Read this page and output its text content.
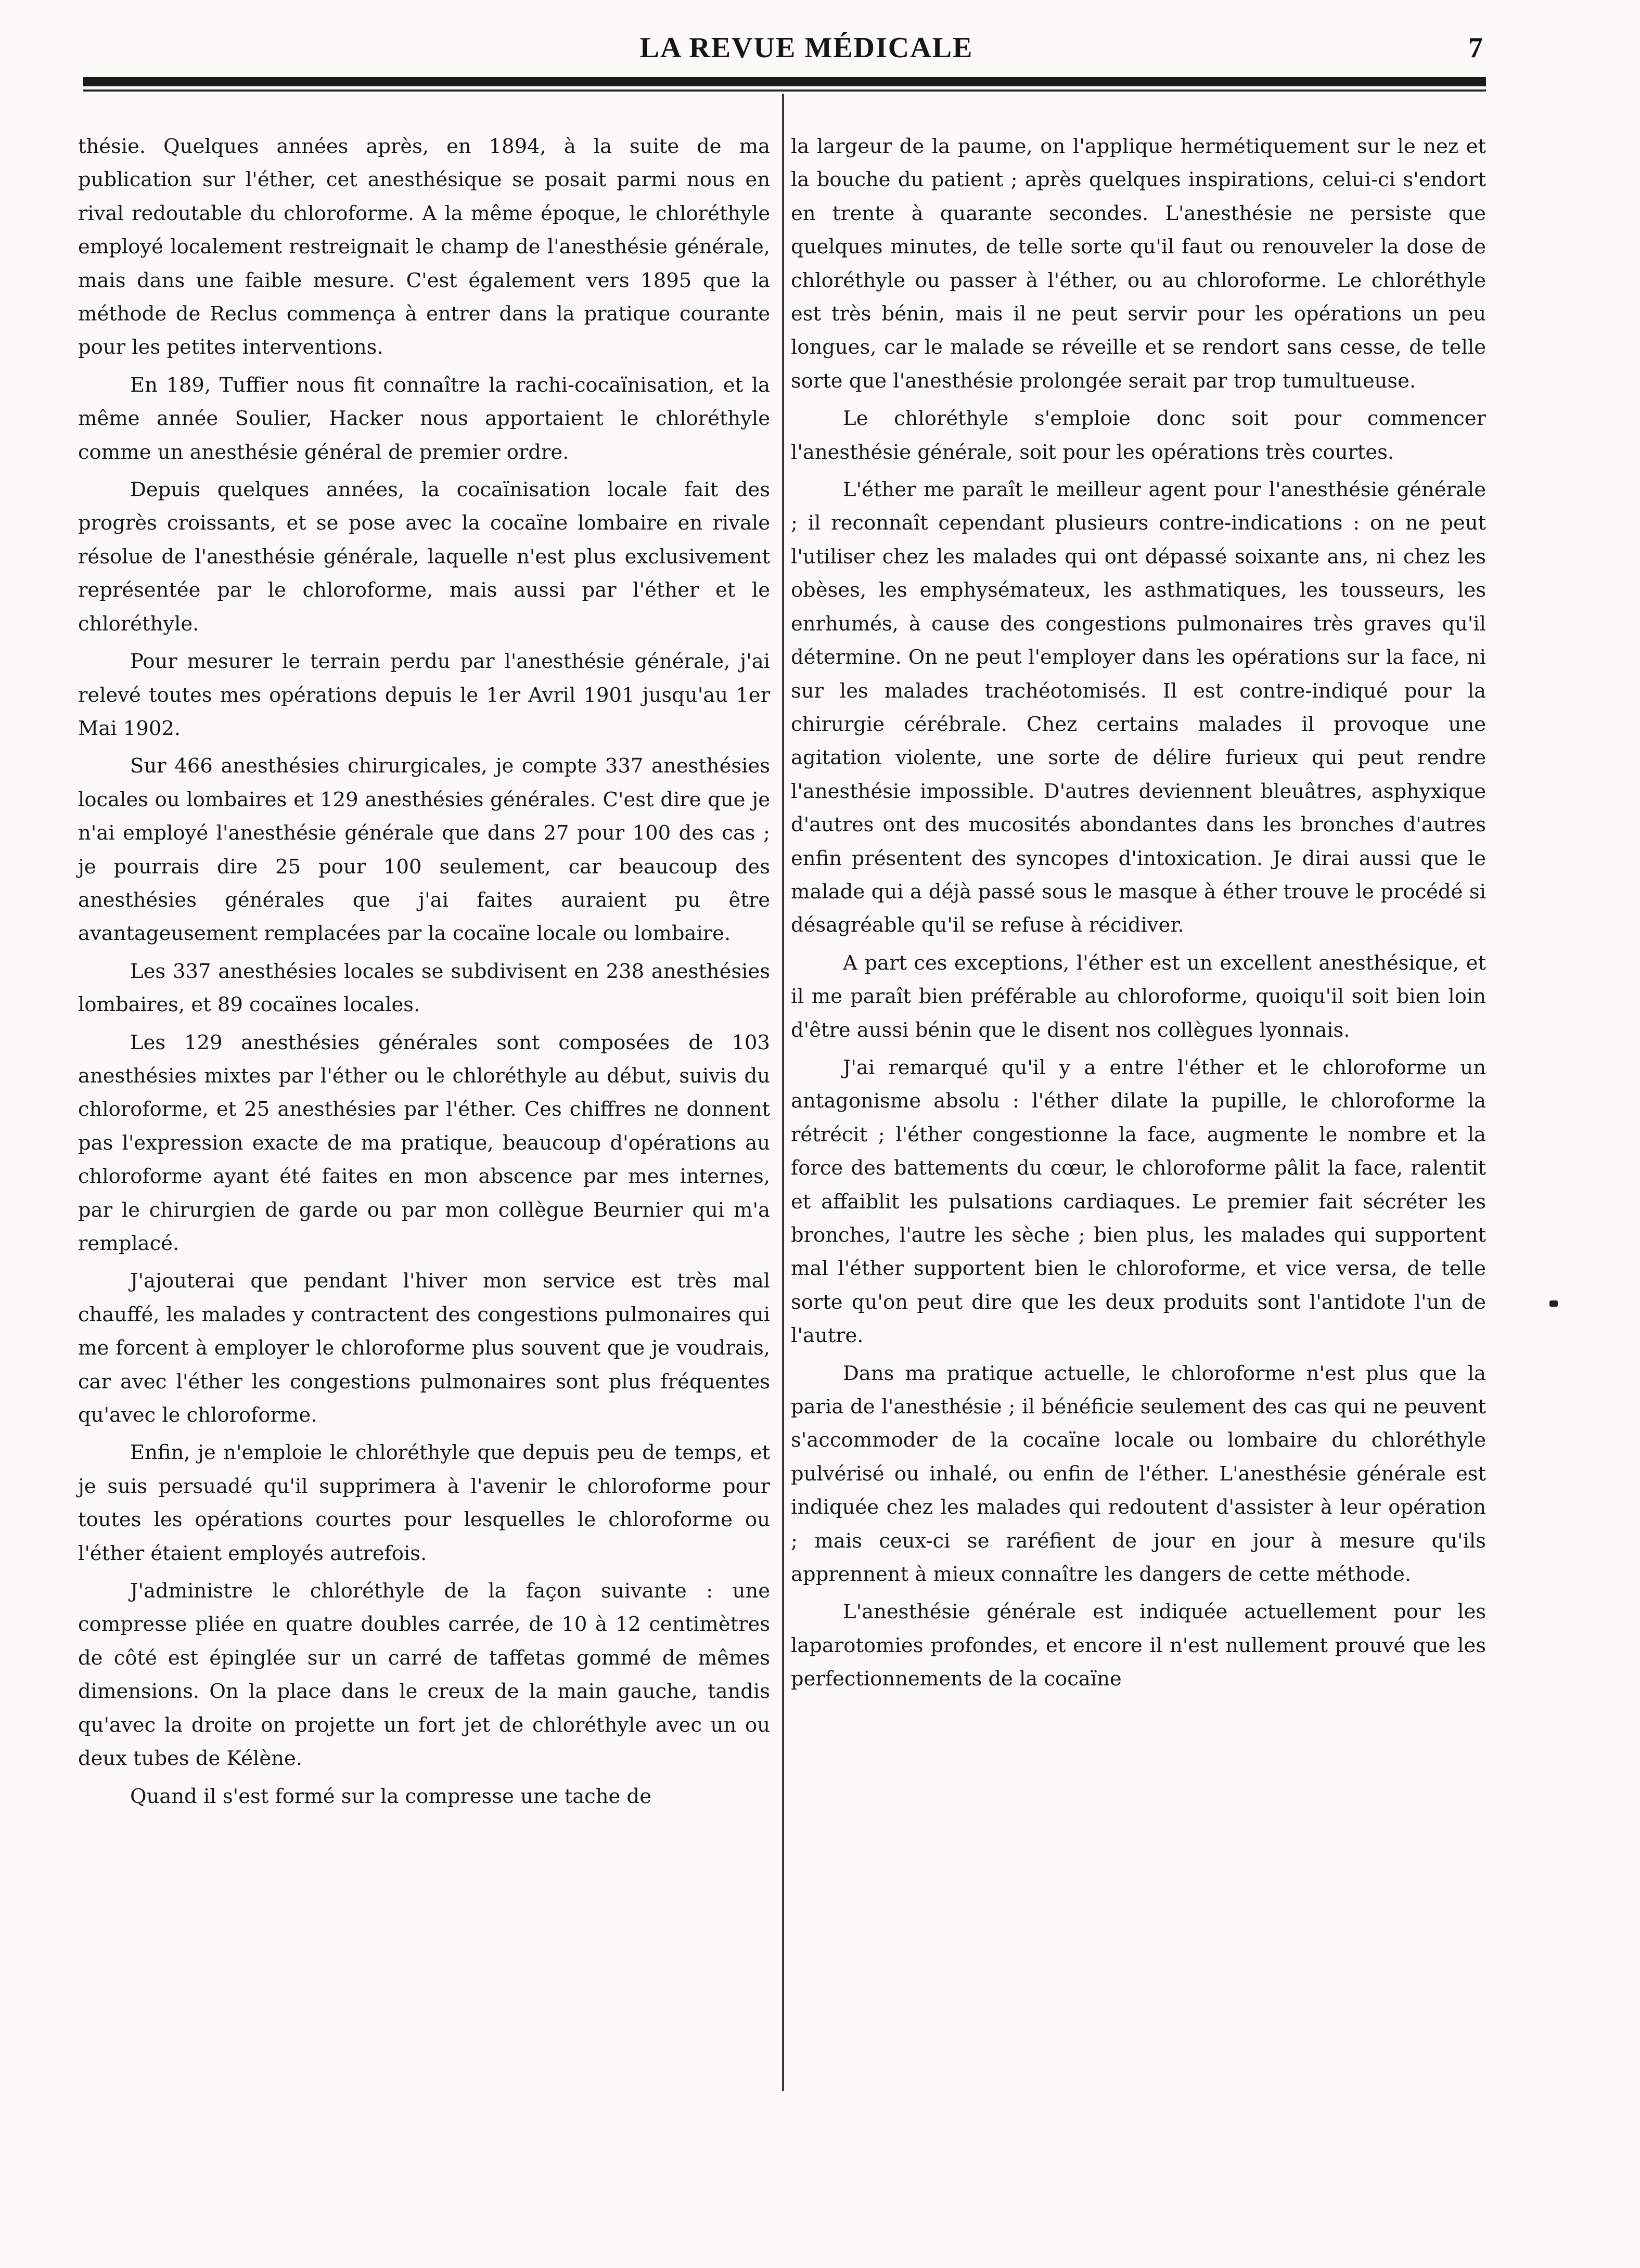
LA REVUE MÉDICALE	7

thésie. Quelques années après, en 1894, à la suite de ma publication sur l'éther, cet anesthésique se posait parmi nous en rival redoutable du chloroforme. A la même époque, le chloréthyle employé localement restreignait le champ de l'anesthésie générale, mais dans une faible mesure. C'est également vers 1895 que la méthode de Reclus commença à entrer dans la pratique courante pour les petites interventions.

En 189, Tuffier nous fit connaître la rachi-cocaïnisation, et la même année Soulier, Hacker nous apportaient le chloréthyle comme un anesthésie général de premier ordre.

Depuis quelques années, la cocaïnisation locale fait des progrès croissants, et se pose avec la cocaïne lombaire en rivale résolue de l'anesthésie générale, laquelle n'est plus exclusivement représentée par le chloroforme, mais aussi par l'éther et le chloréthyle.

Pour mesurer le terrain perdu par l'anesthésie générale, j'ai relevé toutes mes opérations depuis le 1er Avril 1901 jusqu'au 1er Mai 1902.

Sur 466 anesthésies chirurgicales, je compte 337 anesthésies locales ou lombaires et 129 anesthésies générales. C'est dire que je n'ai employé l'anesthésie générale que dans 27 pour 100 des cas ; je pourrais dire 25 pour 100 seulement, car beaucoup des anesthésies générales que j'ai faites auraient pu être avantageusement remplacées par la cocaïne locale ou lombaire.

Les 337 anesthésies locales se subdivisent en 238 anesthésies lombaires, et 89 cocaïnes locales.

Les 129 anesthésies générales sont composées de 103 anesthésies mixtes par l'éther ou le chloréthyle au début, suivis du chloroforme, et 25 anesthésies par l'éther. Ces chiffres ne donnent pas l'expression exacte de ma pratique, beaucoup d'opérations au chloroforme ayant été faites en mon abscence par mes internes, par le chirurgien de garde ou par mon collègue Beurnier qui m'a remplacé.

J'ajouterai que pendant l'hiver mon service est très mal chauffé, les malades y contractent des congestions pulmonaires qui me forcent à employer le chloroforme plus souvent que je voudrais, car avec l'éther les congestions pulmonaires sont plus fréquentes qu'avec le chloroforme.

Enfin, je n'emploie le chloréthyle que depuis peu de temps, et je suis persuadé qu'il supprimera à l'avenir le chloroforme pour toutes les opérations courtes pour lesquelles le chloroforme ou l'éther étaient employés autrefois.

J'administre le chloréthyle de la façon suivante : une compresse pliée en quatre doubles carrée, de 10 à 12 centimètres de côté est épinglée sur un carré de taffetas gommé de mêmes dimensions. On la place dans le creux de la main gauche, tandis qu'avec la droite on projette un fort jet de chloréthyle avec un ou deux tubes de Kélène.

Quand il s'est formé sur la compresse une tache de

la largeur de la paume, on l'applique hermétiquement sur le nez et la bouche du patient ; après quelques inspirations, celui-ci s'endort en trente à quarante secondes. L'anesthésie ne persiste que quelques minutes, de telle sorte qu'il faut ou renouveler la dose de chloréthyle ou passer à l'éther, ou au chloroforme. Le chloréthyle est très bénin, mais il ne peut servir pour les opérations un peu longues, car le malade se réveille et se rendort sans cesse, de telle sorte que l'anesthésie prolongée serait par trop tumultueuse.

Le chloréthyle s'emploie donc soit pour commencer l'anesthésie générale, soit pour les opérations très courtes.

L'éther me paraît le meilleur agent pour l'anesthésie générale ; il reconnaît cependant plusieurs contre-indications : on ne peut l'utiliser chez les malades qui ont dépassé soixante ans, ni chez les obèses, les emphysémateux, les asthmatiques, les tousseurs, les enrhumés, à cause des congestions pulmonaires très graves qu'il détermine. On ne peut l'employer dans les opérations sur la face, ni sur les malades trachéotomisés. Il est contre-indiqué pour la chirurgie cérébrale. Chez certains malades il provoque une agitation violente, une sorte de délire furieux qui peut rendre l'anesthésie impossible. D'autres deviennent bleuâtres, asphyxique d'autres ont des mucosités abondantes dans les bronches d'autres enfin présentent des syncopes d'intoxication. Je dirai aussi que le malade qui a déjà passé sous le masque à éther trouve le procédé si désagréable qu'il se refuse à récidiver.

A part ces exceptions, l'éther est un excellent anesthésique, et il me paraît bien préférable au chloroforme, quoiqu'il soit bien loin d'être aussi bénin que le disent nos collègues lyonnais.

J'ai remarqué qu'il y a entre l'éther et le chloroforme un antagonisme absolu : l'éther dilate la pupille, le chloroforme la rétrécit ; l'éther congestionne la face, augmente le nombre et la force des battements du cœur, le chloroforme pâlit la face, ralentit et affaiblit les pulsations cardiaques. Le premier fait sécréter les bronches, l'autre les sèche ; bien plus, les malades qui supportent mal l'éther supportent bien le chloroforme, et vice versa, de telle sorte qu'on peut dire que les deux produits sont l'antidote l'un de l'autre.

Dans ma pratique actuelle, le chloroforme n'est plus que la paria de l'anesthésie ; il bénéficie seulement des cas qui ne peuvent s'accommoder de la cocaïne locale ou lombaire du chloréthyle pulvérisé ou inhalé, ou enfin de l'éther. L'anesthésie générale est indiquée chez les malades qui redoutent d'assister à leur opération ; mais ceux-ci se raréfient de jour en jour à mesure qu'ils apprennent à mieux connaître les dangers de cette méthode.

L'anesthésie générale est indiquée actuellement pour les laparotomies profondes, et encore il n'est nullement prouvé que les perfectionnements de la cocaïne
